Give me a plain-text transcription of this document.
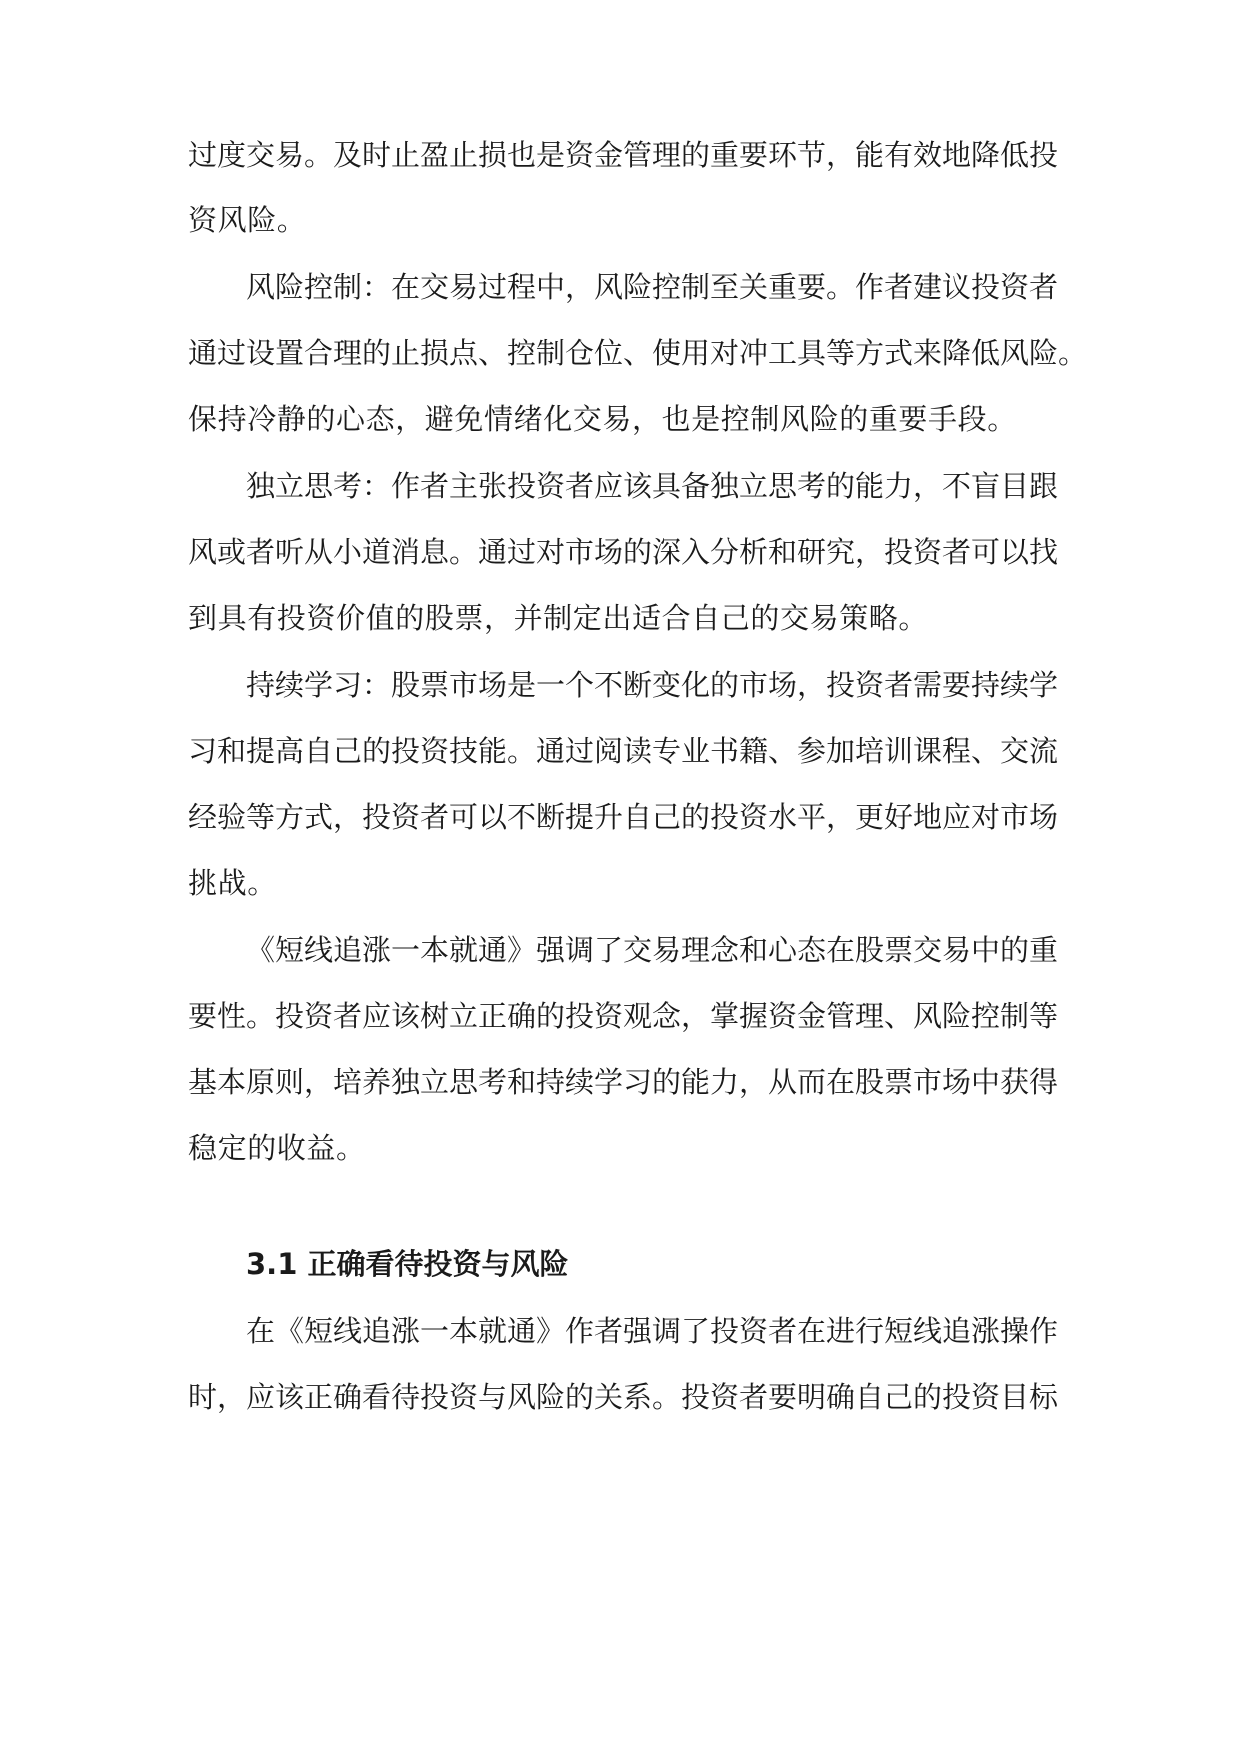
过度交易。及时止盈止损也是资金管理的重要环节，能有效地降低投

资风险。

风险控制：在交易过程中，风险控制至关重要。作者建议投资者

通过设置合理的止损点、控制仓位、使用对冲工具等方式来降低风险。

保持冷静的心态，避免情绪化交易，也是控制风险的重要手段。

独立思考：作者主张投资者应该具备独立思考的能力，不盲目跟

风或者听从小道消息。通过对市场的深入分析和研究，投资者可以找

到具有投资价值的股票，并制定出适合自己的交易策略。

持续学习：股票市场是一个不断变化的市场，投资者需要持续学

习和提高自己的投资技能。通过阅读专业书籍、参加培训课程、交流

经验等方式，投资者可以不断提升自己的投资水平，更好地应对市场

挑战。

《短线追涨一本就通》强调了交易理念和心态在股票交易中的重

要性。投资者应该树立正确的投资观念，掌握资金管理、风险控制等

基本原则，培养独立思考和持续学习的能力，从而在股票市场中获得

稳定的收益。

3.1 正确看待投资与风险

在《短线追涨一本就通》作者强调了投资者在进行短线追涨操作

时，应该正确看待投资与风险的关系。投资者要明确自己的投资目标
